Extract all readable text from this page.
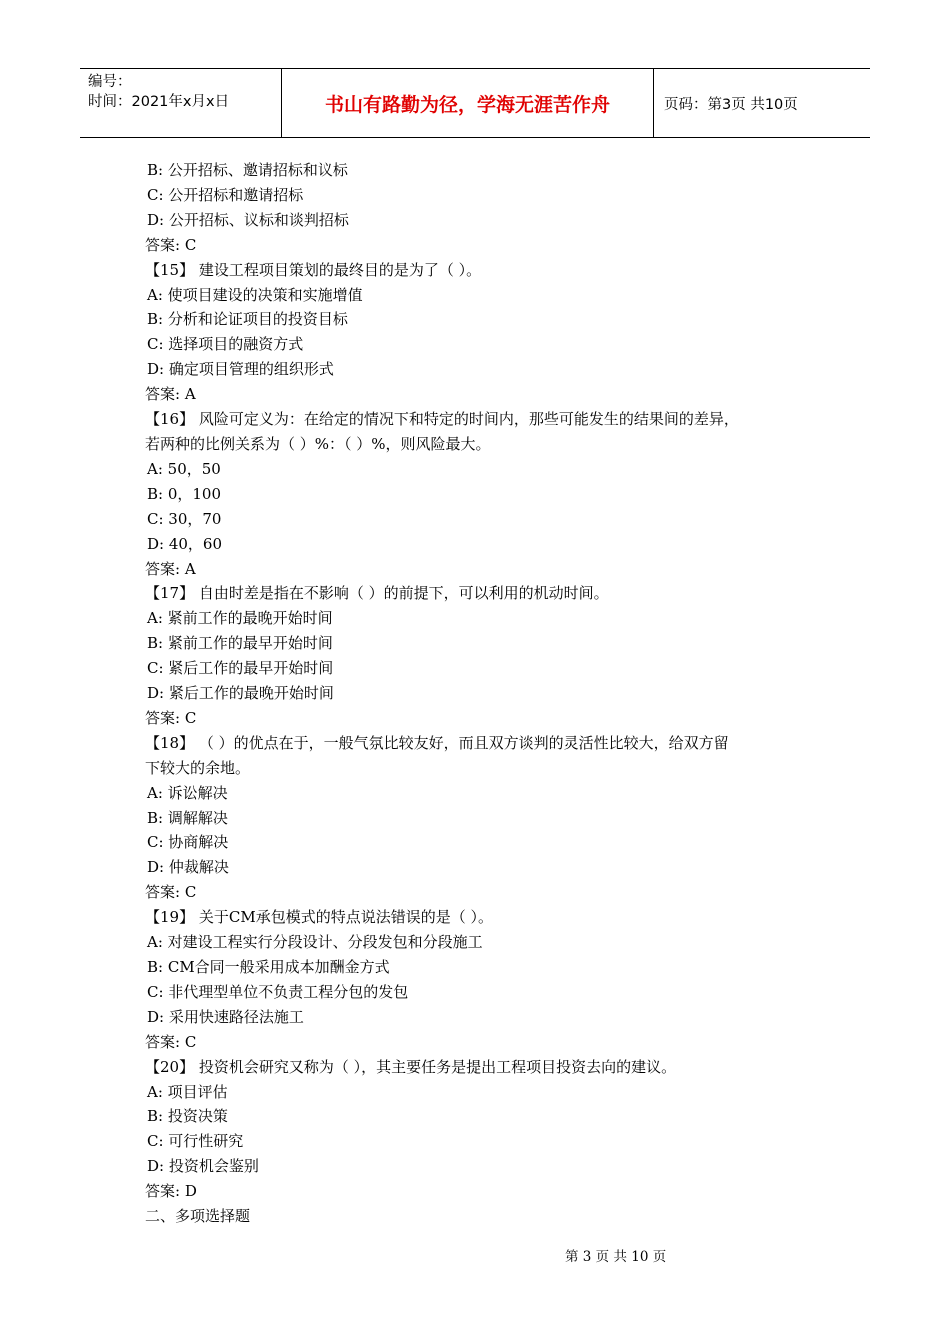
编号：
时间：2021年x月x日	书山有路勤为径，学海无涯苦作舟	页码：第3页 共10页
B: 公开招标、邀请招标和议标
C: 公开招标和邀请招标
D: 公开招标、议标和谈判招标
答案: C
【15】 建设工程项目策划的最终目的是为了（ ）。
A: 使项目建设的决策和实施增值
B: 分析和论证项目的投资目标
C: 选择项目的融资方式
D: 确定项目管理的组织形式
答案: A
【16】 风险可定义为：在给定的情况下和特定的时间内，那些可能发生的结果间的差异，
若两种的比例关系为（ ）%：（ ）%，则风险最大。
A: 50，50
B: 0，100
C: 30，70
D: 40，60
答案: A
【17】 自由时差是指在不影响（ ）的前提下，可以利用的机动时间。
A: 紧前工作的最晚开始时间
B: 紧前工作的最早开始时间
C: 紧后工作的最早开始时间
D: 紧后工作的最晚开始时间
答案: C
【18】 （ ）的优点在于，一般气氛比较友好，而且双方谈判的灵活性比较大，给双方留
下较大的余地。
A: 诉讼解决
B: 调解解决
C: 协商解决
D: 仲裁解决
答案: C
【19】 关于CM承包模式的特点说法错误的是（ ）。
A: 对建设工程实行分段设计、分段发包和分段施工
B: CM合同一般采用成本加酬金方式
C: 非代理型单位不负责工程分包的发包
D: 采用快速路径法施工
答案: C
【20】 投资机会研究又称为（ ），其主要任务是提出工程项目投资去向的建议。
A: 项目评估
B: 投资决策
C: 可行性研究
D: 投资机会鉴别
答案: D
二、多项选择题
第 3 页 共 10 页
